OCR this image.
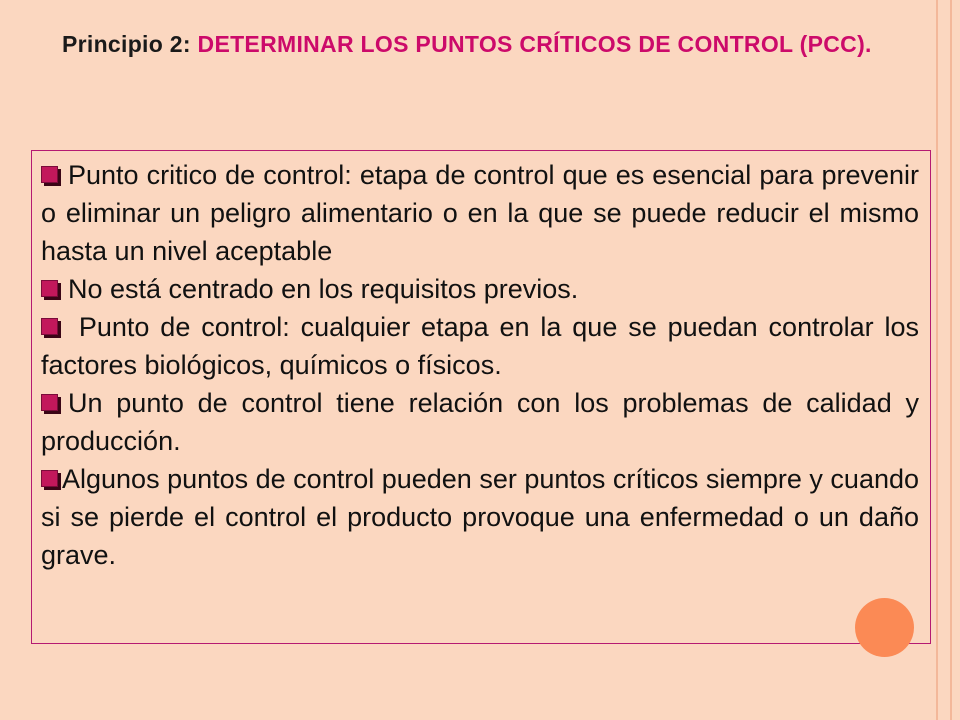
Principio 2: DETERMINAR LOS PUNTOS CRÍTICOS DE CONTROL (PCC).

Punto critico de control: etapa de control que es esencial para prevenir o eliminar un peligro alimentario o en la que se puede reducir el mismo hasta un nivel aceptable

No está centrado en los requisitos previos.

Punto de control: cualquier etapa en la que se puedan controlar los factores biológicos, químicos o físicos.

Un punto de control tiene relación con los problemas de calidad y producción.

Algunos puntos de control pueden ser puntos críticos siempre y cuando si se pierde el control el producto provoque una enfermedad o un daño grave.
